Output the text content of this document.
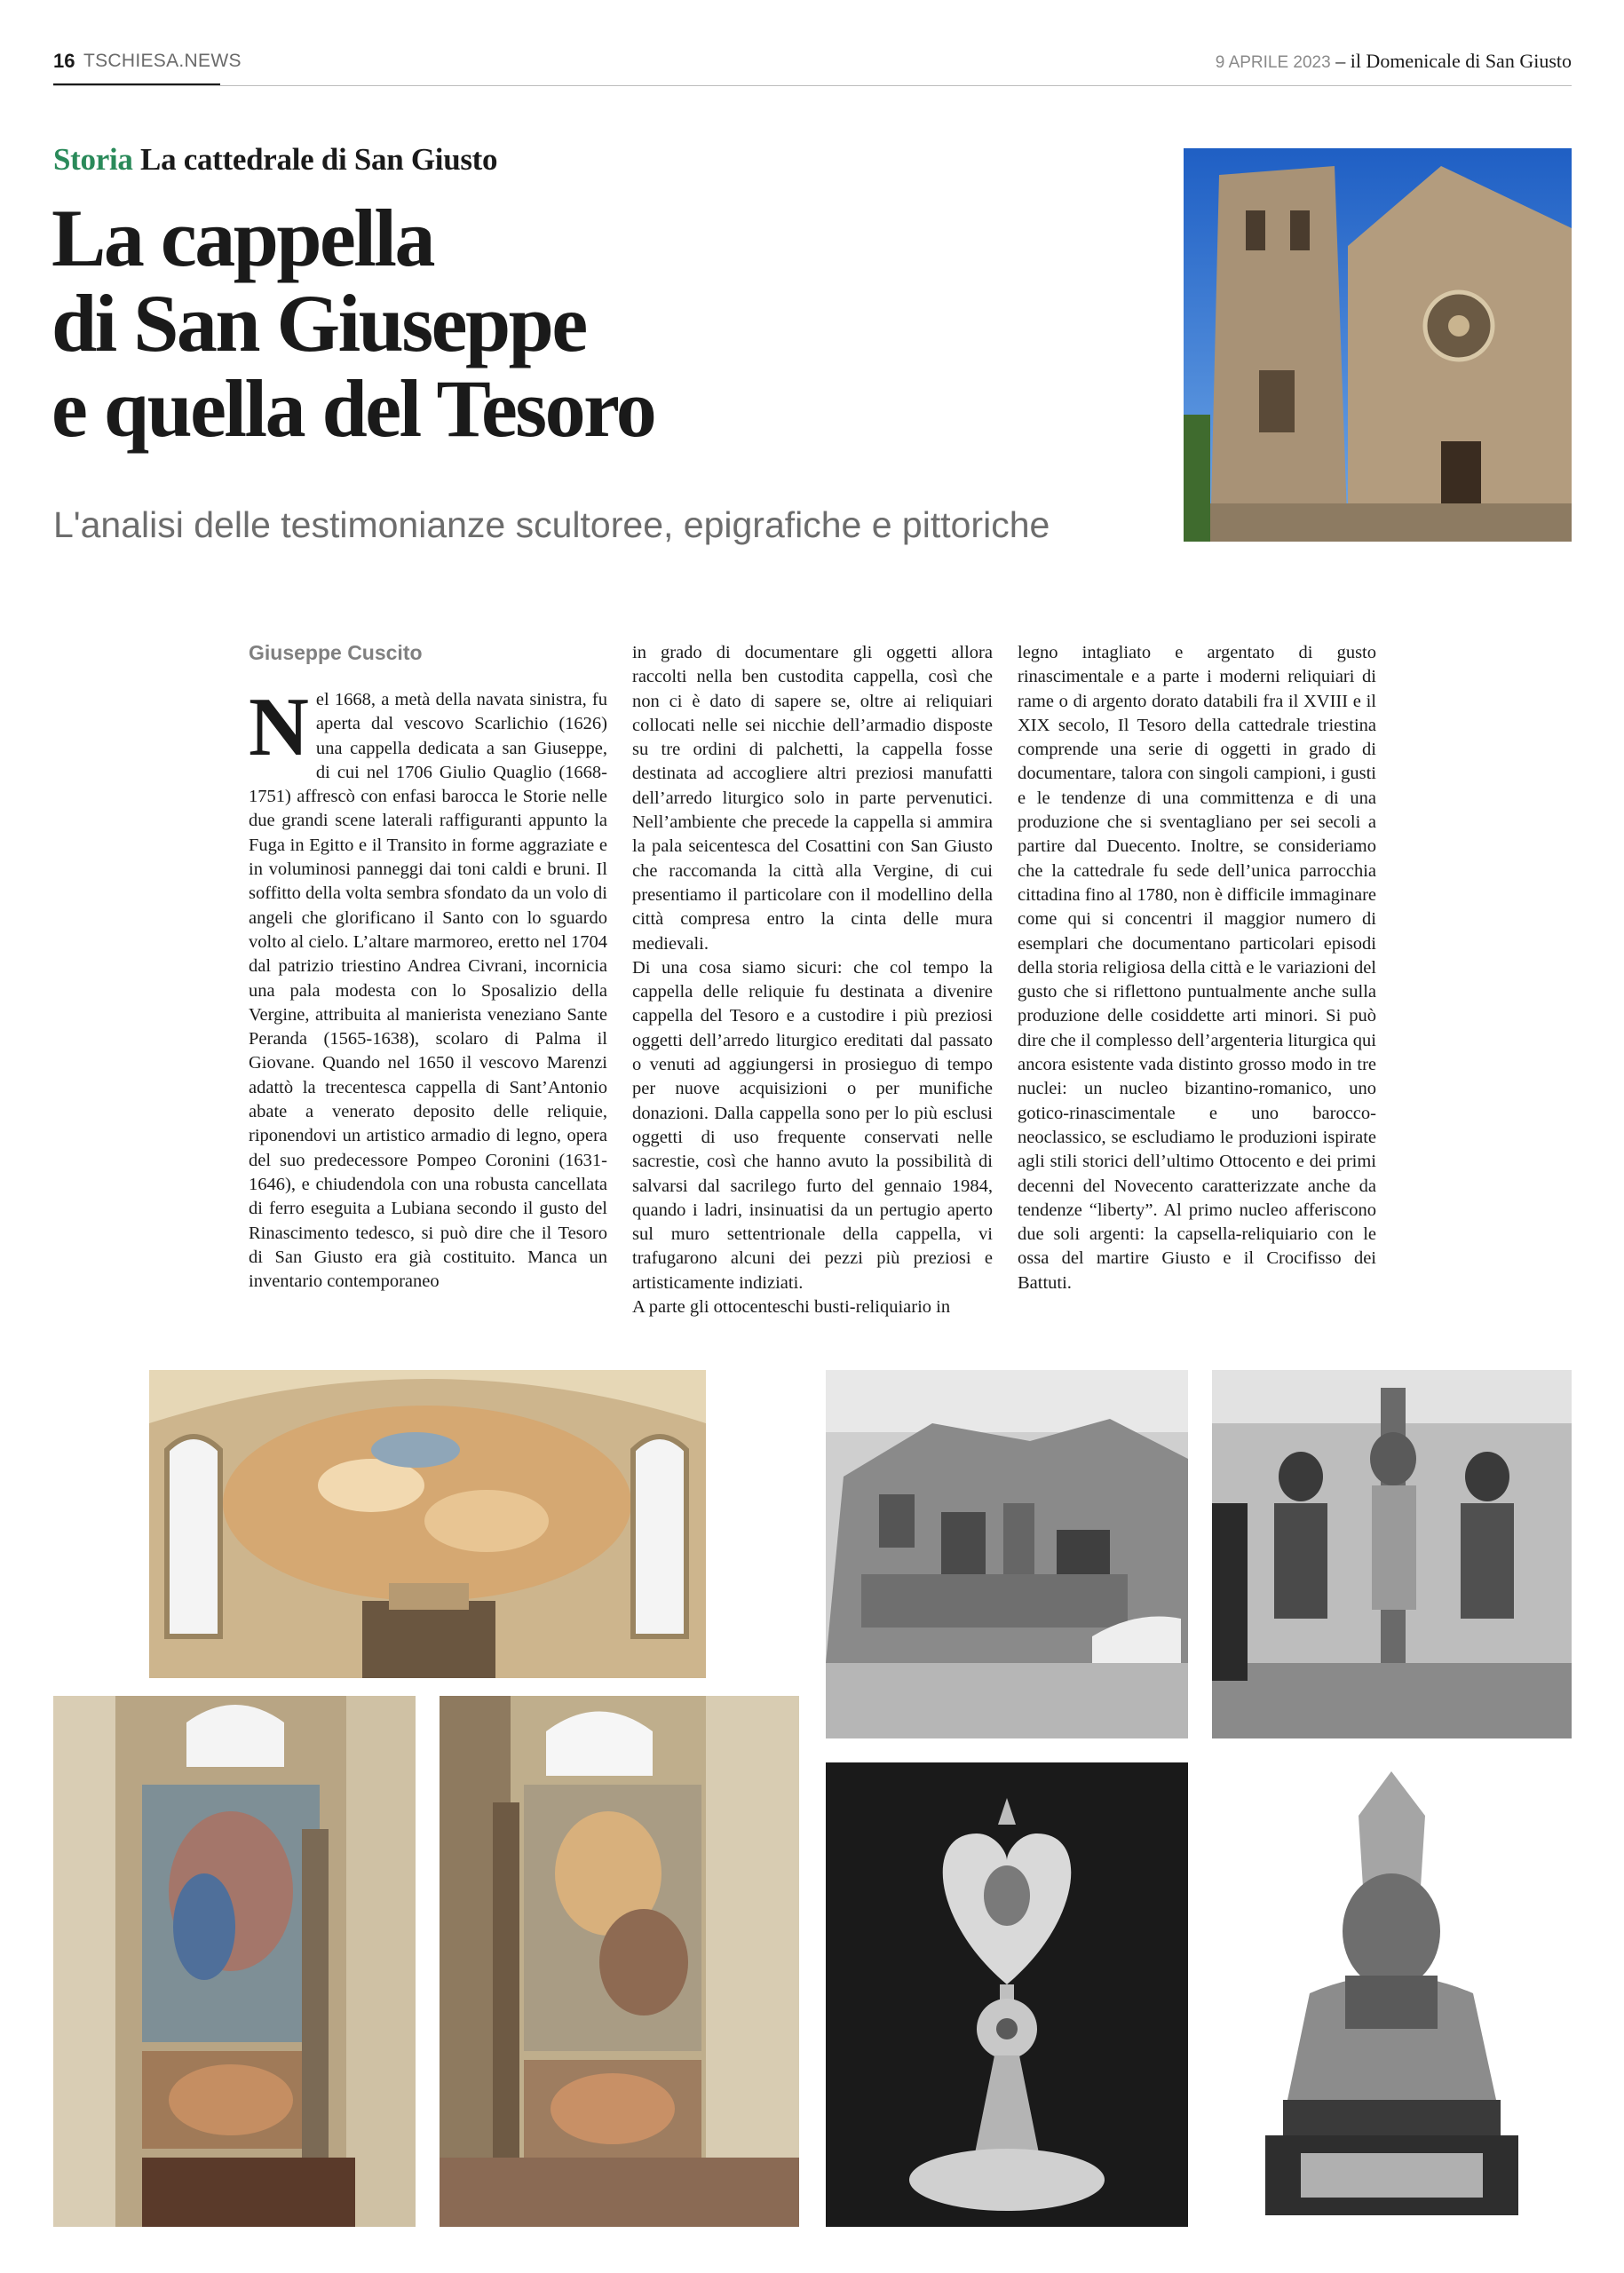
16 TSCHIESA.NEWS	9 APRILE 2023 – il Domenicale di San Giusto
Storia La cattedrale di San Giusto
La cappella
di San Giuseppe
e quella del Tesoro
L'analisi delle testimonianze scultoree, epigrafiche e pittoriche
Giuseppe Cuscito
N el 1668, a metà della navata sinistra, fu aperta dal vescovo Scarlichio (1626) una cappella dedicata a san Giuseppe, di cui nel 1706 Giulio Quaglio (1668-1751) affrescò con enfasi barocca le Storie nelle due grandi scene laterali raffiguranti appunto la Fuga in Egitto e il Transito in forme aggraziate e in voluminosi panneggi dai toni caldi e bruni. Il soffitto della volta sembra sfondato da un volo di angeli che glorificano il Santo con lo sguardo volto al cielo. L’altare marmoreo, eretto nel 1704 dal patrizio triestino Andrea Civrani, incornicia una pala modesta con lo Sposalizio della Vergine, attribuita al manierista veneziano Sante Peranda (1565-1638), scolaro di Palma il Giovane. Quando nel 1650 il vescovo Marenzi adattò la trecentesca cappella di Sant’Antonio abate a venerato deposito delle reliquie, riponendovi un artistico armadio di legno, opera del suo predecessore Pompeo Coronini (1631-1646), e chiudendola con una robusta cancellata di ferro eseguita a Lubiana secondo il gusto del Rinascimento tedesco, si può dire che il Tesoro di San Giusto era già costituito. Manca un inventario contemporaneo

in grado di documentare gli oggetti allora raccolti nella ben custodita cappella, così che non ci è dato di sapere se, oltre ai reliquiari collocati nelle sei nicchie dell’armadio disposte su tre ordini di palchetti, la cappella fosse destinata ad accogliere altri preziosi manufatti dell’arredo liturgico solo in parte pervenutici. Nell’ambiente che precede la cappella si ammira la pala seicentesca del Cosattini con San Giusto che raccomanda la città alla Vergine, di cui presentiamo il particolare con il modellino della città compresa entro la cinta delle mura medievali.

Di una cosa siamo sicuri: che col tempo la cappella delle reliquie fu destinata a divenire cappella del Tesoro e a custodire i più preziosi oggetti dell’arredo liturgico ereditati dal passato o venuti ad aggiungersi in prosieguo di tempo per nuove acquisizioni o per munifiche donazioni. Dalla cappella sono per lo più esclusi oggetti di uso frequente conservati nelle sacrestie, così che hanno avuto la possibilità di salvarsi dal sacrilego furto del gennaio 1984, quando i ladri, insinuatisi da un pertugio aperto sul muro settentrionale della cappella, vi trafugarono alcuni dei pezzi più preziosi e artisticamente indiziati.

A parte gli ottocenteschi busti-reliquiario in

legno intagliato e argentato di gusto rinascimentale e a parte i moderni reliquiari di rame o di argento dorato databili fra il XVIII e il XIX secolo, Il Tesoro della cattedrale triestina comprende una serie di oggetti in grado di documentare, talora con singoli campioni, i gusti e le tendenze di una committenza e di una produzione che si sventagliano per sei secoli a partire dal Duecento. Inoltre, se consideriamo che la cattedrale fu sede dell’unica parrocchia cittadina fino al 1780, non è difficile immaginare come qui si concentri il maggior numero di esemplari che documentano particolari episodi della storia religiosa della città e le variazioni del gusto che si riflettono puntualmente anche sulla produzione delle cosiddette arti minori. Si può dire che il complesso dell’argenteria liturgica qui ancora esistente vada distinto grosso modo in tre nuclei: un nucleo bizantino-romanico, uno gotico-rinascimentale e uno barocco-neoclassico, se escludiamo le produzioni ispirate agli stili storici dell’ultimo Ottocento e dei primi decenni del Novecento caratterizzate anche da tendenze “liberty”. Al primo nucleo afferiscono due soli argenti: la capsella-reliquiario con le ossa del martire Giusto e il Crocifisso dei Battuti.
